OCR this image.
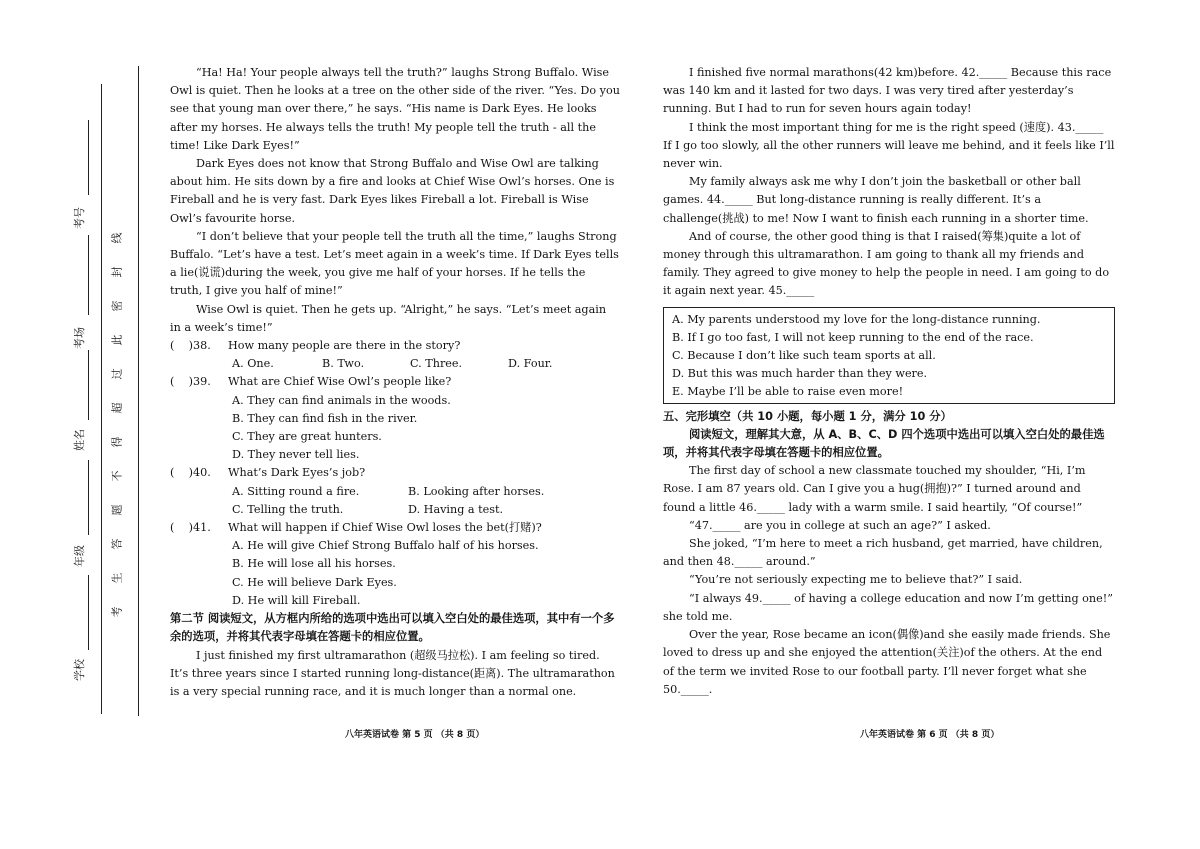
考号
考场
姓名
年级
学校
线
封
密
此
过
超
得
不
题
答
生
考

“Ha! Ha! Your people always tell the truth?” laughs Strong Buffalo. Wise Owl is quiet. Then he looks at a tree on the other side of the river. “Yes. Do you see that young man over there,” he says. “His name is Dark Eyes. He looks after my horses. He always tells the truth! My people tell the truth - all the time! Like Dark Eyes!”

Dark Eyes does not know that Strong Buffalo and Wise Owl are talking about him. He sits down by a fire and looks at Chief Wise Owl’s horses. One is Fireball and he is very fast. Dark Eyes likes Fireball a lot. Fireball is Wise Owl’s favourite horse.

“I don’t believe that your people tell the truth all the time,” laughs Strong Buffalo. “Let’s have a test. Let’s meet again in a week’s time. If Dark Eyes tells a lie(说谎)during the week, you give me half of your horses. If he tells the truth, I give you half of mine!”

Wise Owl is quiet. Then he gets up. “Alright,” he says. “Let’s meet again in a week’s time!”

(    )38.	How many people are there in the story?
A. One.	B. Two.	C. Three.	D. Four.
(    )39.	What are Chief Wise Owl’s people like?
A. They can find animals in the woods.
B. They can find fish in the river.
C. They are great hunters.
D. They never tell lies.
(    )40.	What’s Dark Eyes’s job?
A. Sitting round a fire.	B. Looking after horses.
C. Telling the truth.	D. Having a test.
(    )41.	What will happen if Chief Wise Owl loses the bet(打赌)?
A. He will give Chief Strong Buffalo half of his horses.
B. He will lose all his horses.
C. He will believe Dark Eyes.
D. He will kill Fireball.

第二节 阅读短文，从方框内所给的选项中选出可以填入空白处的最佳选项，其中有一个多余的选项，并将其代表字母填在答题卡的相应位置。

I just finished my first ultramarathon (超级马拉松). I am feeling so tired. It’s three years since I started running long-distance(距离). The ultramarathon is a very special running race, and it is much longer than a normal one.

八年英语试卷 第 5 页 （共 8 页）

I finished five normal marathons(42 km)before. 42._____ Because this race was 140 km and it lasted for two days. I was very tired after yesterday’s running. But I had to run for seven hours again today!

I think the most important thing for me is the right speed (速度). 43._____ If I go too slowly, all the other runners will leave me behind, and it feels like I’ll never win.

My family always ask me why I don’t join the basketball or other ball games. 44._____ But long-distance running is really different. It’s a challenge(挑战) to me! Now I want to finish each running in a shorter time.

And of course, the other good thing is that I raised(筹集)quite a lot of money through this ultramarathon. I am going to thank all my friends and family. They agreed to give money to help the people in need. I am going to do it again next year. 45._____

A. My parents understood my love for the long-distance running.
B. If I go too fast, I will not keep running to the end of the race.
C. Because I don’t like such team sports at all.
D. But this was much harder than they were.
E. Maybe I’ll be able to raise even more!

五、完形填空（共 10 小题，每小题 1 分，满分 10 分）

阅读短文，理解其大意，从 A、B、C、D 四个选项中选出可以填入空白处的最佳选项，并将其代表字母填在答题卡的相应位置。

The first day of school a new classmate touched my shoulder, “Hi, I’m Rose. I am 87 years old. Can I give you a hug(拥抱)?” I turned around and found a little 46._____ lady with a warm smile. I said heartily, “Of course!”

“47._____ are you in college at such an age?” I asked.

She joked, “I’m here to meet a rich husband, get married, have children, and then 48._____ around.”

“You’re not seriously expecting me to believe that?” I said.

“I always 49._____ of having a college education and now I’m getting one!” she told me.

Over the year, Rose became an icon(偶像)and she easily made friends. She loved to dress up and she enjoyed the attention(关注)of the others. At the end of the term we invited Rose to our football party. I’ll never forget what she 50._____.

八年英语试卷 第 6 页 （共 8 页）
